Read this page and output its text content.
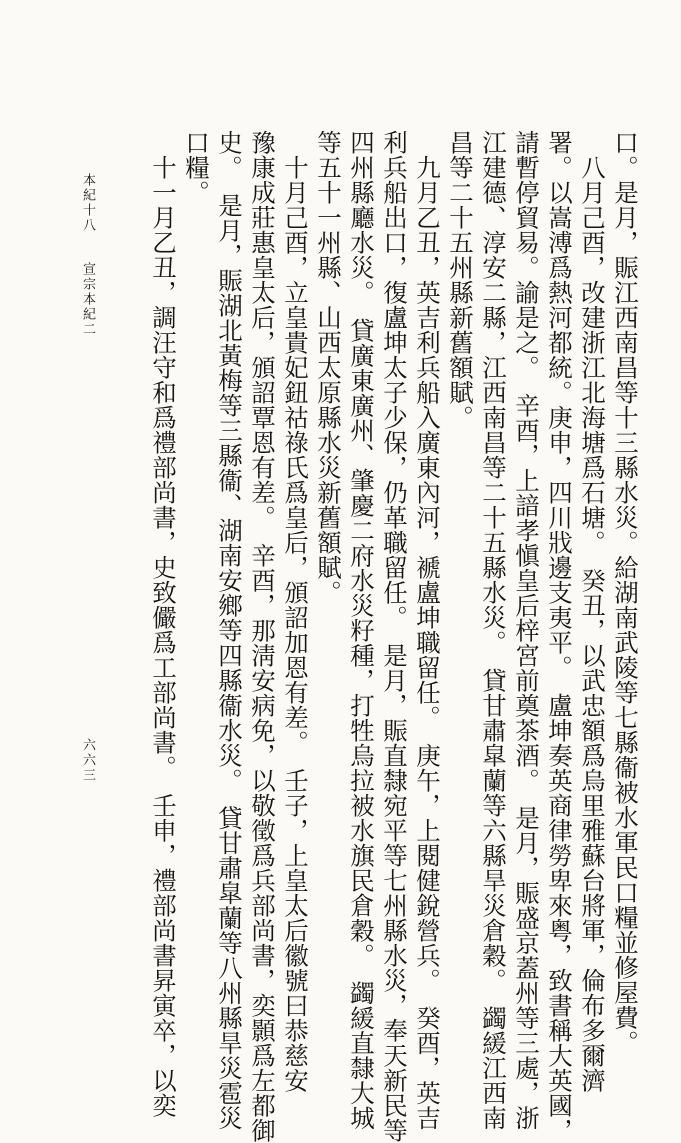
口。是月，賑江西南昌等十三縣水災。給湖南武陵等七縣衞被水軍民口糧並修屋費。
　八月己酉，改建浙江北海塘爲石塘。　癸丑，以武忠額爲烏里雅蘇台將軍，倫布多爾濟
署。以嵩溥爲熱河都統。庚申，四川戕邊支夷平。　盧坤奏英商律勞卑來粤，致書稱大英國，
請暫停貿易。諭是之。　辛酉，上諳孝愼皇后梓宮前奠茶酒。　是月，賑盛京蓋州等三處，浙
江建德、淳安二縣，江西南昌等二十五縣水災。　貸甘肅皐蘭等六縣旱災倉穀。　蠲緩江西南
昌等二十五州縣新舊額賦。
　九月乙丑，英吉利兵船入廣東內河，褫盧坤職留任。　庚午，上閱健銳營兵。　癸酉，英吉
利兵船出口，復盧坤太子少保，仍革職留任。　是月，賑直隸宛平等七州縣水災，奉天新民等
四州縣廳水災。　貸廣東廣州、肇慶二府水災籽種，打牲烏拉被水旗民倉穀。　蠲緩直隸大城
等五十一州縣、山西太原縣水災新舊額賦。
　十月己酉，立皇貴妃鈕祜祿氏爲皇后，頒詔加恩有差。　壬子，上皇太后徽號曰恭慈安
豫康成莊惠皇太后，頒詔覃恩有差。　辛酉，那淸安病免，以敬徵爲兵部尚書，奕顥爲左都御
史。　是月，賑湖北黃梅等三縣衞、湖南安鄉等四縣衞水災。　貸甘肅皐蘭等八州縣旱災雹災
口糧。
　十一月乙丑，調汪守和爲禮部尚書，史致儼爲工部尚書。　壬申，禮部尚書昇寅卒，以奕
本紀十八
宣宗本紀二
六六三
